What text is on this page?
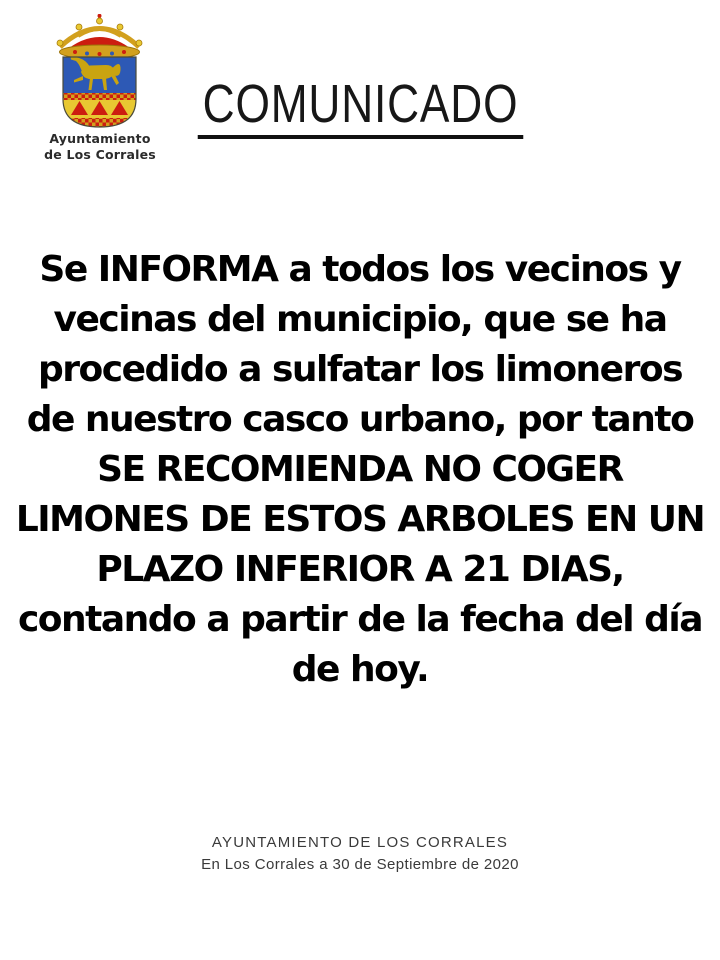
Ayuntamiento
de Los Corrales
COMUNICADO
Se INFORMA a todos los vecinos y
vecinas del municipio, que se ha
procedido a sulfatar los limoneros
de nuestro casco urbano, por tanto
SE RECOMIENDA NO COGER
LIMONES DE ESTOS ARBOLES EN UN
PLAZO INFERIOR A 21 DIAS,
contando a partir de la fecha del día
de hoy.
AYUNTAMIENTO DE LOS CORRALES
En Los Corrales a 30 de Septiembre de 2020
